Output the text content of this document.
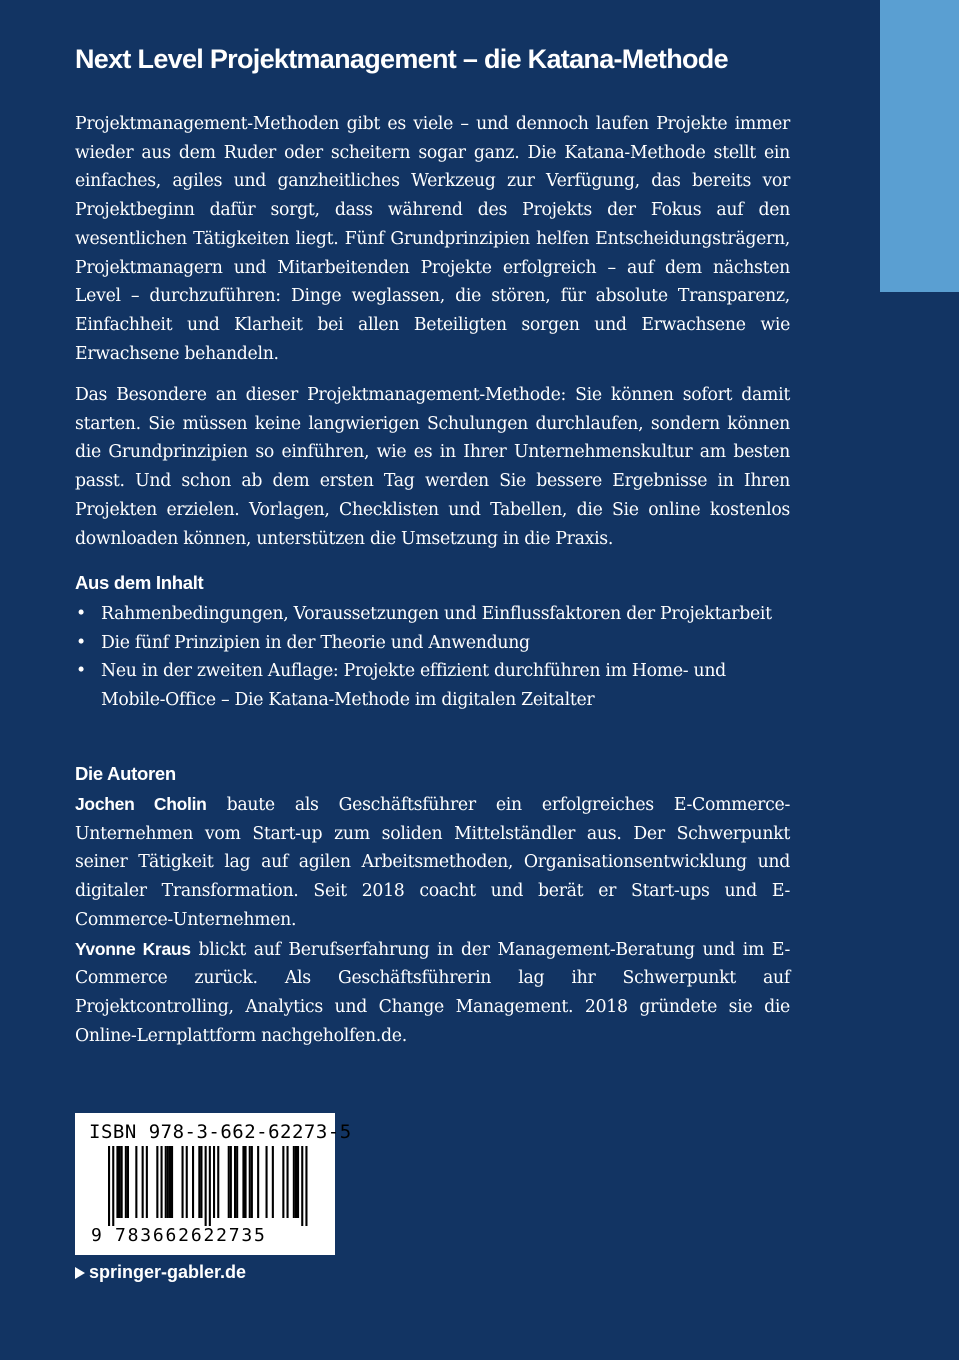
Next Level Projektmanagement – die Katana-Methode

Projektmanagement-Methoden gibt es viele – und dennoch laufen Projekte immer wieder aus dem Ruder oder scheitern sogar ganz. Die Katana-Methode stellt ein einfaches, agiles und ganzheitliches Werkzeug zur Verfügung, das bereits vor Projektbeginn dafür sorgt, dass während des Projekts der Fokus auf den wesentlichen Tätigkeiten liegt. Fünf Grundprinzipien helfen Entscheidungsträgern, Projektmanagern und Mitarbeitenden Projekte erfolgreich – auf dem nächsten Level – durchzuführen: Dinge weglassen, die stören, für absolute Transparenz, Einfachheit und Klarheit bei allen Beteiligten sorgen und Erwachsene wie Erwachsene behandeln.

Das Besondere an dieser Projektmanagement-Methode: Sie können sofort damit starten. Sie müssen keine langwierigen Schulungen durchlaufen, sondern können die Grundprinzipien so einführen, wie es in Ihrer Unternehmenskultur am besten passt. Und schon ab dem ersten Tag werden Sie bessere Ergebnisse in Ihren Projekten erzielen. Vorlagen, Checklisten und Tabellen, die Sie online kostenlos downloaden können, unterstützen die Umsetzung in die Praxis.

Aus dem Inhalt
• Rahmenbedingungen, Voraussetzungen und Einflussfaktoren der Projektarbeit
• Die fünf Prinzipien in der Theorie und Anwendung
• Neu in der zweiten Auflage: Projekte effizient durchführen im Home- und Mobile-Office – Die Katana-Methode im digitalen Zeitalter
Die Autoren

Jochen Cholin baute als Geschäftsführer ein erfolgreiches E-Commerce-Unternehmen vom Start-up zum soliden Mittelständler aus. Der Schwerpunkt seiner Tätigkeit lag auf agilen Arbeitsmethoden, Organisationsentwicklung und digitaler Transformation. Seit 2018 coacht und berät er Start-ups und E-Commerce-Unternehmen.

Yvonne Kraus blickt auf Berufserfahrung in der Management-Beratung und im E-Commerce zurück. Als Geschäftsführerin lag ihr Schwerpunkt auf Projektcontrolling, Analytics und Change Management. 2018 gründete sie die Online-Lernplattform nachgeholfen.de.

ISBN 978-3-662-62273-5
9 783662622735
springer-gabler.de
